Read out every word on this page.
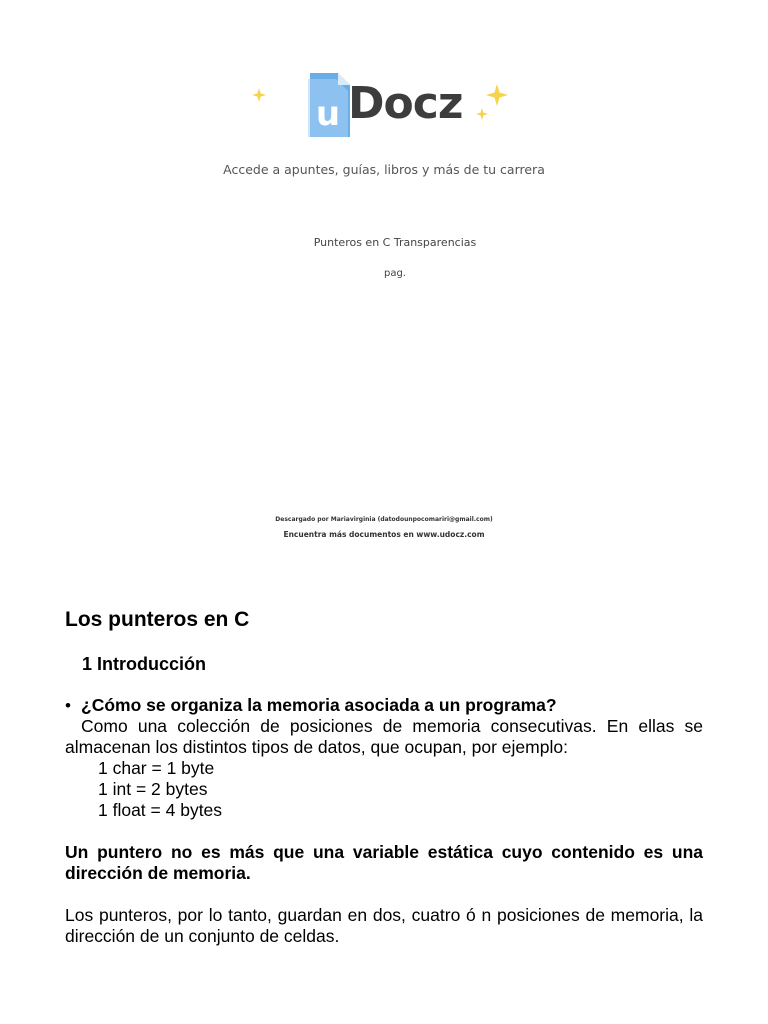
u Docz
Accede a apuntes, guías, libros y más de tu carrera
Punteros en C Transparencias
pag.
Descargado por Mariavirginia (datodounpocomariri@gmail.com)
Encuentra más documentos en www.udocz.com
Los punteros en C
1 Introducción
• ¿Cómo se organiza la memoria asociada a un programa?
Como una colección de posiciones de memoria consecutivas. En ellas se almacenan los distintos tipos de datos, que ocupan, por ejemplo:
1 char = 1 byte
1 int = 2 bytes
1 float = 4 bytes
Un puntero no es más que una variable estática cuyo contenido es una dirección de memoria.
Los punteros, por lo tanto, guardan en dos, cuatro ó n posiciones de memoria, la dirección de un conjunto de celdas.
